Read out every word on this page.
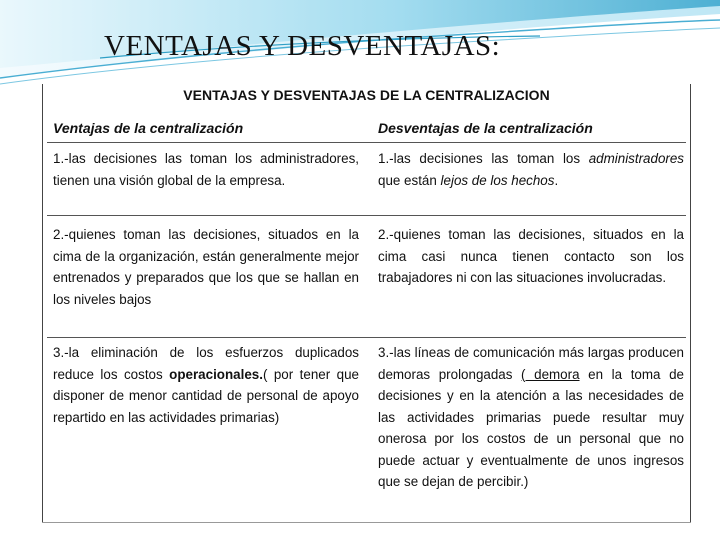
VENTAJAS Y DESVENTAJAS:
VENTAJAS Y DESVENTAJAS DE LA CENTRALIZACION
Ventajas de la centralización	Desventajas de la centralización
1.-las decisiones las toman los administradores, tienen una visión global de la empresa.
1.-las decisiones las toman los administradores que están lejos de los hechos.
2.-quienes toman las decisiones, situados en la cima de la organización, están generalmente mejor entrenados y preparados que los que se hallan en los niveles bajos
2.-quienes toman las decisiones, situados en la cima casi nunca tienen contacto son los trabajadores ni con las situaciones involucradas.
3.-la eliminación de los esfuerzos duplicados reduce los costos operacionales.( por tener que disponer de menor cantidad de personal de apoyo repartido en las actividades primarias)
3.-las líneas de comunicación más largas producen demoras prolongadas ( demora en la toma de decisiones y en la atención a las necesidades de las actividades primarias puede resultar muy onerosa por los costos de un personal que no puede actuar y eventualmente de unos ingresos que se dejan de percibir.)
